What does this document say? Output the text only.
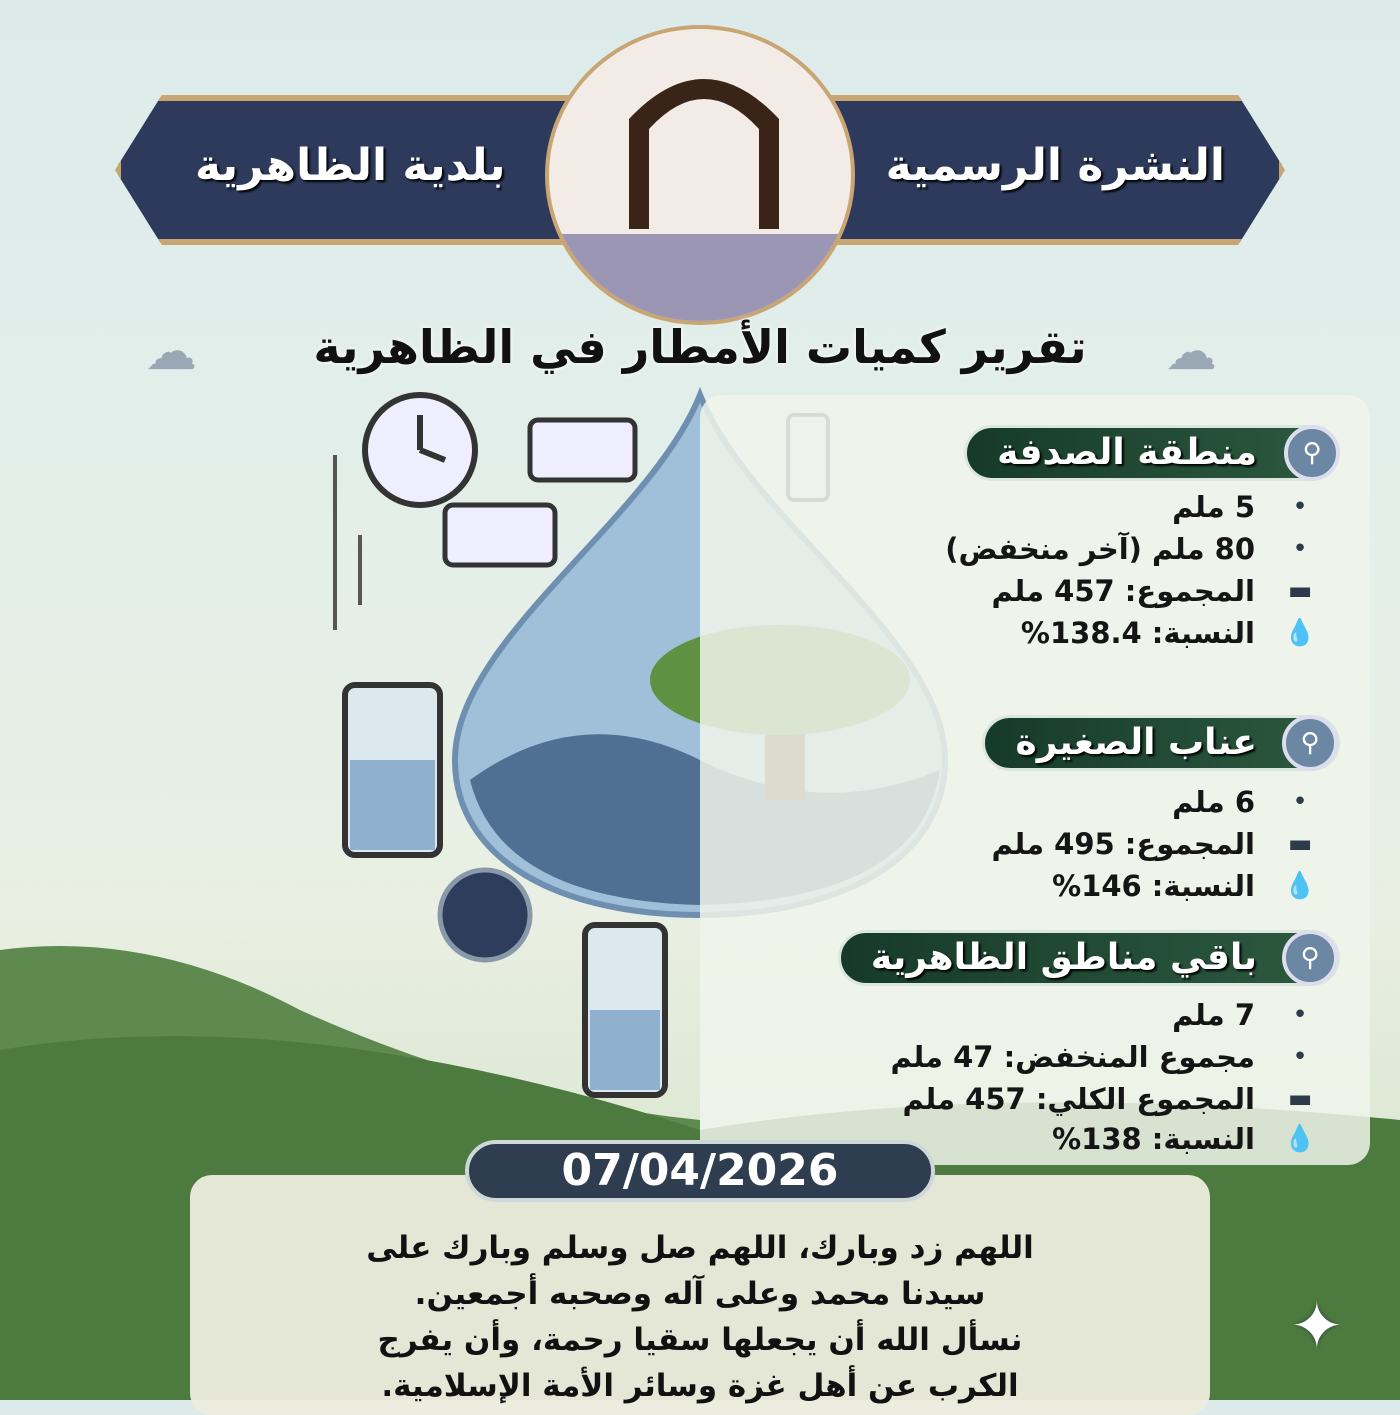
النشرة الرسمية
بلدية الظاهرية
☁	☁
تقرير كميات الأمطار في الظاهرية
منطقة الصدفة	⚲
•
5 ملم
•
80 ملم (آخر منخفض)
▬
المجموع: 457 ملم
💧
النسبة: 138.4%
عناب الصغيرة	⚲
•
6 ملم
▬
المجموع: 495 ملم
💧
النسبة: 146%
باقي مناطق الظاهرية	⚲
•
7 ملم
•
مجموع المنخفض: 47 ملم
▬
المجموع الكلي: 457 ملم
💧
النسبة: 138%
07/04/2026
اللهم زد وبارك، اللهم صل وسلم وبارك على
سيدنا محمد وعلى آله وصحبه أجمعين.
نسأل الله أن يجعلها سقيا رحمة، وأن يفرج
الكرب عن أهل غزة وسائر الأمة الإسلامية.
✦
